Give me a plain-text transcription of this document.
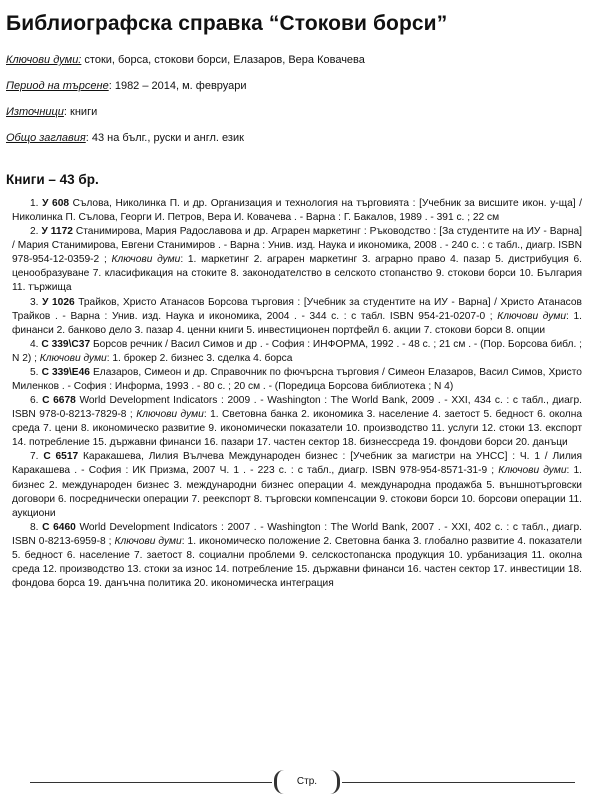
Библиографска справка “Стокови борси”
Ключови думи: стоки, борса, стокови борси, Елазаров, Вера Ковачева
Период на търсене: 1982 – 2014, м. февруари
Източници: книги
Общо заглавия: 43 на бълг., руски и англ. език
Книги – 43 бр.

1. У 608 Сълова, Николинка П. и др. Организация и технология на търговията : [Учебник за висшите икон. у-ща] / Николинка П. Сълова, Георги И. Петров, Вера И. Ковачева . - Варна : Г. Бакалов, 1989 . - 391 с. ; 22 см

2. У 1172 Станимирова, Мария Радославова и др. Аграрен маркетинг : Ръководство : [За студентите на ИУ - Варна] / Мария Станимирова, Евгени Станимиров . - Варна : Унив. изд. Наука и икономика, 2008 . - 240 с. : с табл., диагр. ISBN 978-954-12-0359-2 ; Ключови думи: 1. маркетинг 2. аграрен маркетинг 3. аграрно право 4. пазар 5. дистрибуция 6. ценообразуване 7. класификация на стоките 8. законодателство в селското стопанство 9. стокови борси 10. България 11. тържища

3. У 1026 Трайков, Христо Атанасов Борсова търговия : [Учебник за студентите на ИУ - Варна] / Христо Атанасов Трайков . - Варна : Унив. изд. Наука и икономика, 2004 . - 344 с. : с табл. ISBN 954-21-0207-0 ; Ключови думи: 1. финанси 2. банково дело 3. пазар 4. ценни книги 5. инвестиционен портфейл 6. акции 7. стокови борси 8. опции

4. С 339\С37 Борсов речник / Васил Симов и др . - София : ИНФОРМА, 1992 . - 48 с. ; 21 см . - (Пор. Борсова библ. ; N 2) ; Ключови думи: 1. брокер 2. бизнес 3. сделка 4. борса

5. С 339\Е46 Елазаров, Симеон и др. Справочник по фючърсна търговия / Симеон Елазаров, Васил Симов, Христо Миленков . - София : Информа, 1993 . - 80 с. ; 20 см . - (Поредица Борсова библиотека ; N 4)

6. С 6678 World Development Indicators : 2009 . - Washington : The World Bank, 2009 . - XXI, 434 с. : с табл., диагр. ISBN 978-0-8213-7829-8 ; Ключови думи: 1. Световна банка 2. икономика 3. население 4. заетост 5. бедност 6. околна среда 7. цени 8. икономическо развитие 9. икономически показатели 10. производство 11. услуги 12. стоки 13. експорт 14. потребление 15. държавни финанси 16. пазари 17. частен сектор 18. бизнессреда 19. фондови борси 20. данъци

7. С 6517 Каракашева, Лилия Вълчева Международен бизнес : [Учебник за магистри на УНСС] : Ч. 1 / Лилия Каракашева . - София : ИК Призма, 2007 Ч. 1 . - 223 с. : с табл., диагр. ISBN 978-954-8571-31-9 ; Ключови думи: 1. бизнес 2. международен бизнес 3. международни бизнес операции 4. международна продажба 5. външнотърговски договори 6. посреднически операции 7. реекспорт 8. търговски компенсации 9. стокови борси 10. борсови операции 11. аукциони

8. С 6460 World Development Indicators : 2007 . - Washington : The World Bank, 2007 . - XXI, 402 с. : с табл., диагр. ISBN 0-8213-6959-8 ; Ключови думи: 1. икономическо положение 2. Световна банка 3. глобално развитие 4. показатели 5. бедност 6. население 7. заетост 8. социални проблеми 9. селскостопанска продукция 10. урбанизация 11. околна среда 12. производство 13. стоки за износ 14. потребление 15. държавни финанси 16. частен сектор 17. инвестиции 18. фондова борса 19. данъчна политика 20. икономическа интеграция

Стр.
